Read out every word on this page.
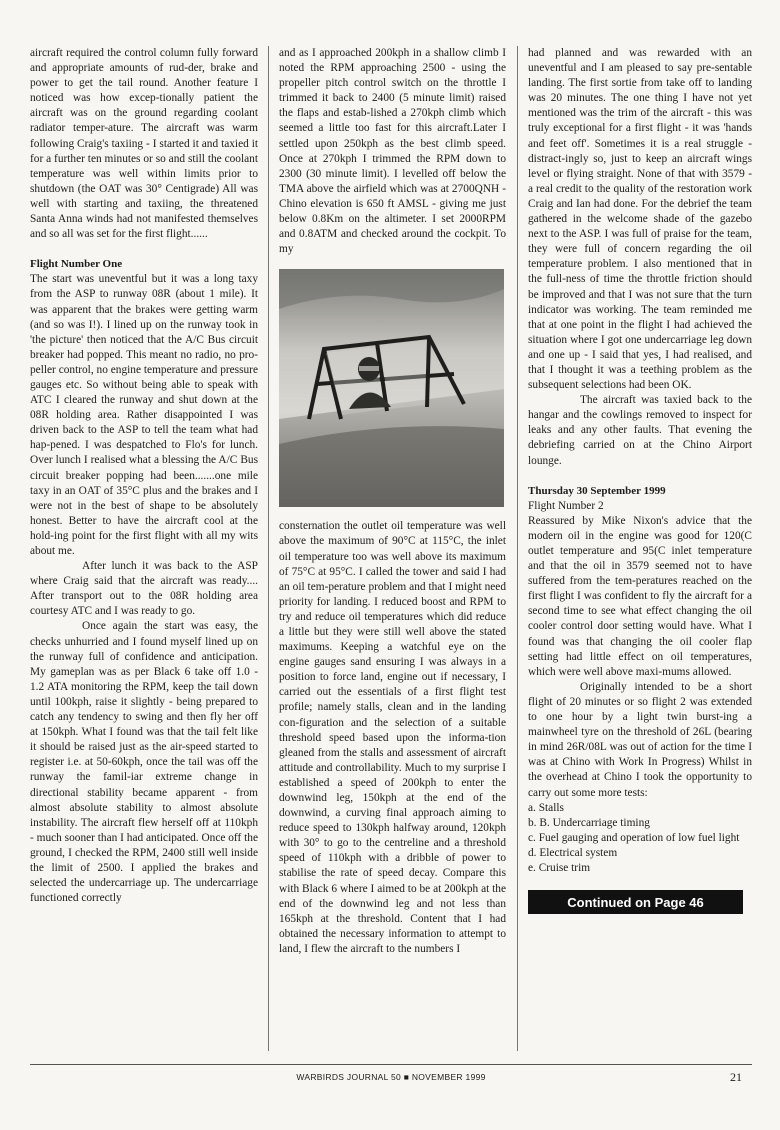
aircraft required the control column fully forward and appropriate amounts of rud-der, brake and power to get the tail round. Another feature I noticed was how excep-tionally patient the aircraft was on the ground regarding coolant radiator temper-ature. The aircraft was warm following Craig's taxiing - I started it and taxied it for a further ten minutes or so and still the coolant temperature was well within limits prior to shutdown (the OAT was 30° Centigrade) All was well with starting and taxiing, the threatened Santa Anna winds had not manifested themselves and so all was set for the first flight......

Flight Number One

The start was uneventful but it was a long taxy from the ASP to runway 08R (about 1 mile). It was apparent that the brakes were getting warm (and so was I!). I lined up on the runway took in 'the picture' then noticed that the A/C Bus circuit breaker had popped. This meant no radio, no pro-peller control, no engine temperature and pressure gauges etc. So without being able to speak with ATC I cleared the runway and shut down at the 08R holding area. Rather disappointed I was driven back to the ASP to tell the team what had hap-pened. I was despatched to Flo's for lunch. Over lunch I realised what a blessing the A/C Bus circuit breaker popping had been.......one mile taxy in an OAT of 35°C plus and the brakes and I were not in the best of shape to be absolutely honest. Better to have the aircraft cool at the hold-ing point for the first flight with all my wits about me.

After lunch it was back to the ASP where Craig said that the aircraft was ready.... After transport out to the 08R holding area courtesy ATC and I was ready to go.

Once again the start was easy, the checks unhurried and I found myself lined up on the runway full of confidence and anticipation. My gameplan was as per Black 6 take off 1.0 - 1.2 ATA monitoring the RPM, keep the tail down until 100kph, raise it slightly - being prepared to catch any tendency to swing and then fly her off at 150kph. What I found was that the tail felt like it should be raised just as the air-speed started to register i.e. at 50-60kph, once the tail was off the runway the famil-iar extreme change in directional stability became apparent - from almost absolute stability to almost absolute instability. The aircraft flew herself off at 110kph - much sooner than I had anticipated. Once off the ground, I checked the RPM, 2400 still well inside the limit of 2500. I applied the brakes and selected the undercarriage up. The undercarriage functioned correctly

and as I approached 200kph in a shallow climb I noted the RPM approaching 2500 - using the propeller pitch control switch on the throttle I trimmed it back to 2400 (5 minute limit) raised the flaps and estab-lished a 270kph climb which seemed a little too fast for this aircraft.Later I settled upon 250kph as the best climb speed. Once at 270kph I trimmed the RPM down to 2300 (30 minute limit). I levelled off below the TMA above the airfield which was at 2700QNH - Chino elevation is 650 ft AMSL - giving me just below 0.8Km on the altimeter. I set 2000RPM and 0.8ATM and checked around the cockpit. To my

consternation the outlet oil temperature was well above the maximum of 90°C at 115°C, the inlet oil temperature too was well above its maximum of 75°C at 95°C. I called the tower and said I had an oil tem-perature problem and that I might need priority for landing. I reduced boost and RPM to try and reduce oil temperatures which did reduce a little but they were still well above the stated maximums. Keeping a watchful eye on the engine gauges sand ensuring I was always in a position to force land, engine out if necessary, I carried out the essentials of a first flight test profile; namely stalls, clean and in the landing con-figuration and the selection of a suitable threshold speed based upon the informa-tion gleaned from the stalls and assessment of aircraft attitude and controllability. Much to my surprise I established a speed of 200kph to enter the downwind leg, 150kph at the end of the downwind, a curving final approach aiming to reduce speed to 130kph halfway around, 120kph with 30° to go to the centreline and a threshold speed of 110kph with a dribble of power to stabilise the rate of speed decay. Compare this with Black 6 where I aimed to be at 200kph at the end of the downwind leg and not less than 165kph at the threshold. Content that I had obtained the necessary information to attempt to land, I flew the aircraft to the numbers I

had planned and was rewarded with an uneventful and I am pleased to say pre-sentable landing. The first sortie from take off to landing was 20 minutes. The one thing I have not yet mentioned was the trim of the aircraft - this was truly exceptional for a first flight - it was 'hands and feet off'. Sometimes it is a real struggle - distract-ingly so, just to keep an aircraft wings level or flying straight. None of that with 3579 - a real credit to the quality of the restoration work Craig and Ian had done. For the debrief the team gathered in the welcome shade of the gazebo next to the ASP. I was full of praise for the team, they were full of concern regarding the oil temperature problem. I also mentioned that in the full-ness of time the throttle friction should be improved and that I was not sure that the turn indicator was working. The team reminded me that at one point in the flight I had achieved the situation where I got one undercarriage leg down and one up - I said that yes, I had realised, and that I thought it was a teething problem as the subsequent selections had been OK.

The aircraft was taxied back to the hangar and the cowlings removed to inspect for leaks and any other faults. That evening the debriefing carried on at the Chino Airport lounge.

Thursday 30 September 1999

Flight Number 2

Reassured by Mike Nixon's advice that the modern oil in the engine was good for 120(C outlet temperature and 95(C inlet temperature and that the oil in 3579 seemed not to have suffered from the tem-peratures reached on the first flight I was confident to fly the aircraft for a second time to see what effect changing the oil cooler control door setting would have. What I found was that changing the oil cooler flap setting had little effect on oil temperatures, which were well above maxi-mums allowed.

Originally intended to be a short flight of 20 minutes or so flight 2 was extended to one hour by a light twin burst-ing a mainwheel tyre on the threshold of 26L (bearing in mind 26R/08L was out of action for the time I was at Chino with Work In Progress) Whilst in the overhead at Chino I took the opportunity to carry out some more tests:

a. Stalls
b. B. Undercarriage timing
c. Fuel gauging and operation of low fuel light
d. Electrical system
e. Cruise trim
Continued on Page 46
WARBIRDS JOURNAL 50 ■ NOVEMBER 1999	21
